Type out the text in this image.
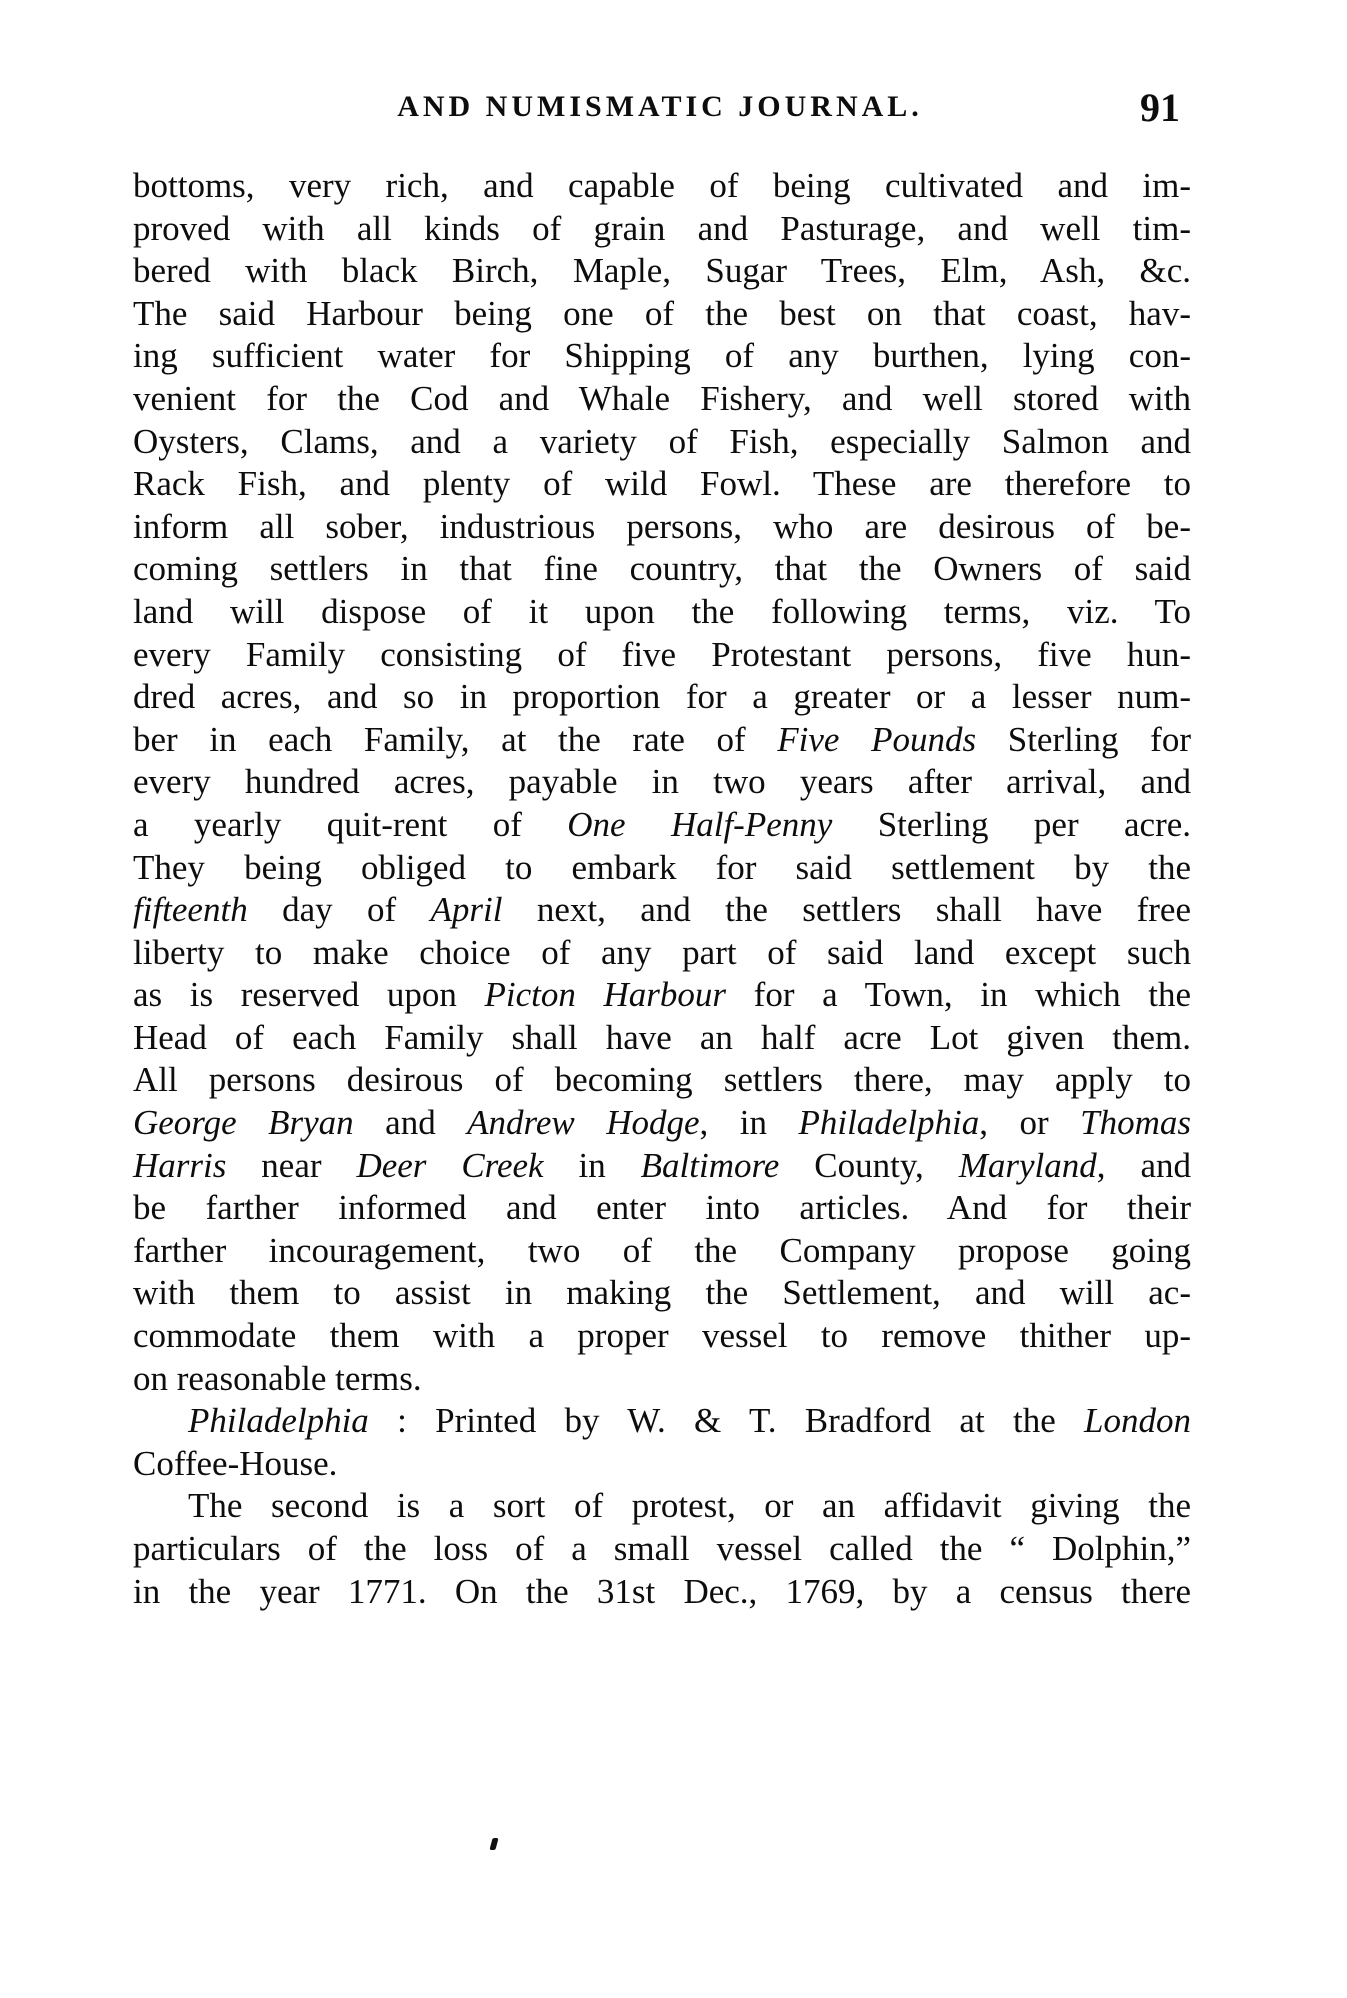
AND NUMISMATIC JOURNAL.	91
bottoms, very rich, and capable of being cultivated and im-
proved with all kinds of grain and Pasturage, and well tim-
bered with black Birch, Maple, Sugar Trees, Elm, Ash, &c.
The said Harbour being one of the best on that coast, hav-
ing sufficient water for Shipping of any burthen, lying con-
venient for the Cod and Whale Fishery, and well stored with
Oysters, Clams, and a variety of Fish, especially Salmon and
Rack Fish, and plenty of wild Fowl. These are therefore to
inform all sober, industrious persons, who are desirous of be-
coming settlers in that fine country, that the Owners of said
land will dispose of it upon the following terms, viz. To
every Family consisting of five Protestant persons, five hun-
dred acres, and so in proportion for a greater or a lesser num-
ber in each Family, at the rate of Five Pounds Sterling for
every hundred acres, payable in two years after arrival, and
a yearly quit-rent of One Half-Penny Sterling per acre.
They being obliged to embark for said settlement by the
fifteenth day of April next, and the settlers shall have free
liberty to make choice of any part of said land except such
as is reserved upon Picton Harbour for a Town, in which the
Head of each Family shall have an half acre Lot given them.
All persons desirous of becoming settlers there, may apply to
George Bryan and Andrew Hodge, in Philadelphia, or Thomas
Harris near Deer Creek in Baltimore County, Maryland, and
be farther informed and enter into articles. And for their
farther incouragement, two of the Company propose going
with them to assist in making the Settlement, and will ac-
commodate them with a proper vessel to remove thither up-
on reasonable terms.
Philadelphia : Printed by W. & T. Bradford at the London
Coffee-House.
The second is a sort of protest, or an affidavit giving the
particulars of the loss of a small vessel called the “ Dolphin,”
in the year 1771. On the 31st Dec., 1769, by a census there
